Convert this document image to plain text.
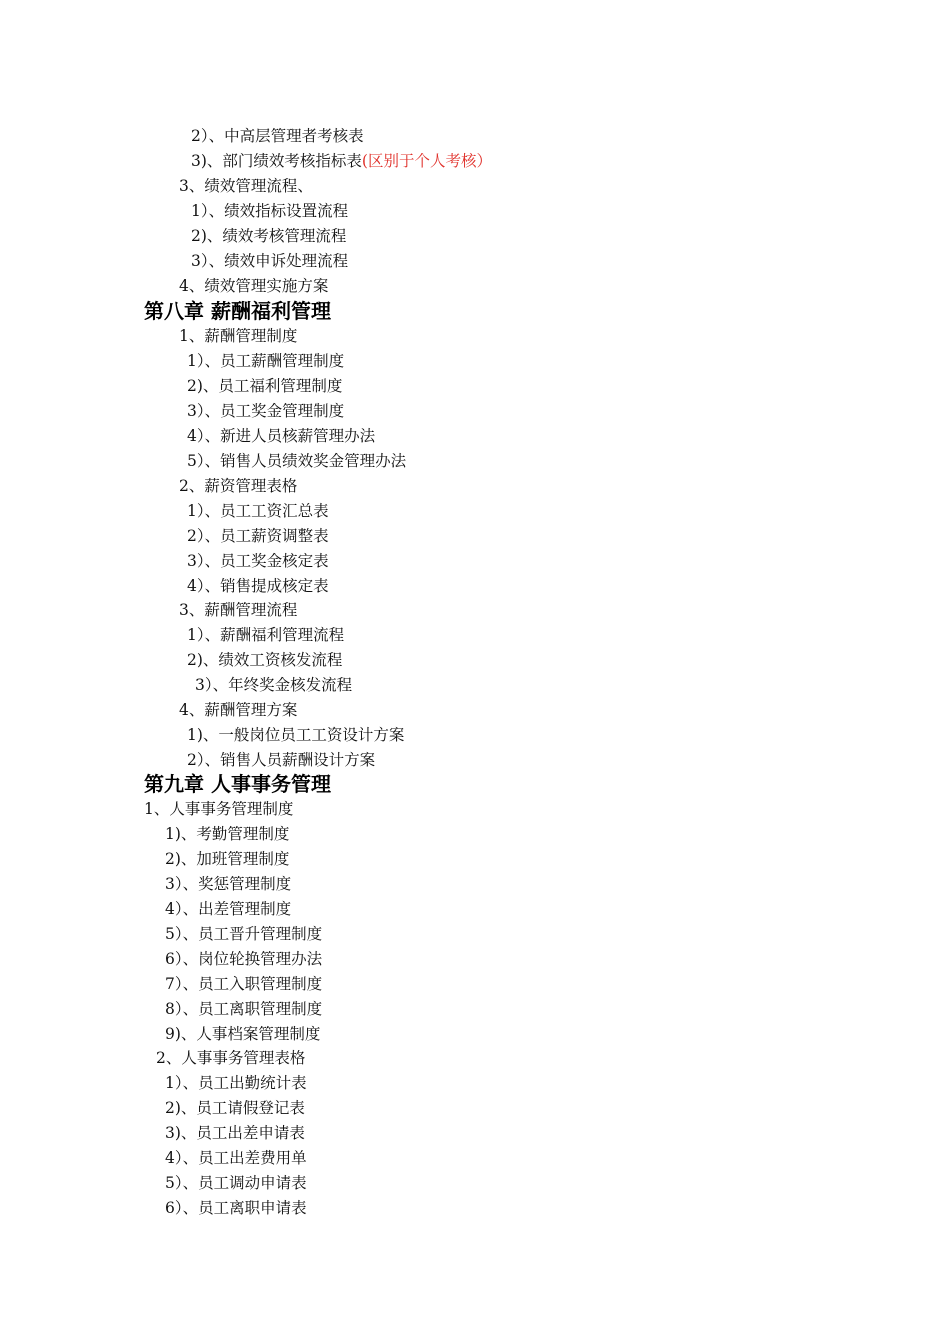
2）、中高层管理者考核表
3)、部门绩效考核指标表(区别于个人考核）
3、绩效管理流程、
1）、绩效指标设置流程
2)、绩效考核管理流程
3）、绩效申诉处理流程
4、绩效管理实施方案
第八章 薪酬福利管理
1、薪酬管理制度
1）、员工薪酬管理制度
2)、员工福利管理制度
3）、员工奖金管理制度
4）、新进人员核薪管理办法
5）、销售人员绩效奖金管理办法
2、薪资管理表格
1）、员工工资汇总表
2）、员工薪资调整表
3）、员工奖金核定表
4）、销售提成核定表
3、薪酬管理流程
1）、薪酬福利管理流程
2)、绩效工资核发流程
3）、年终奖金核发流程
4、薪酬管理方案
1)、一般岗位员工工资设计方案
2）、销售人员薪酬设计方案
第九章 人事事务管理
1、人事事务管理制度
1)、考勤管理制度
2)、加班管理制度
3）、奖惩管理制度
4）、出差管理制度
5）、员工晋升管理制度
6）、岗位轮换管理办法
7）、员工入职管理制度
8）、员工离职管理制度
9)、人事档案管理制度
2、人事事务管理表格
1）、员工出勤统计表
2)、员工请假登记表
3)、员工出差申请表
4）、员工出差费用单
5）、员工调动申请表
6）、员工离职申请表
